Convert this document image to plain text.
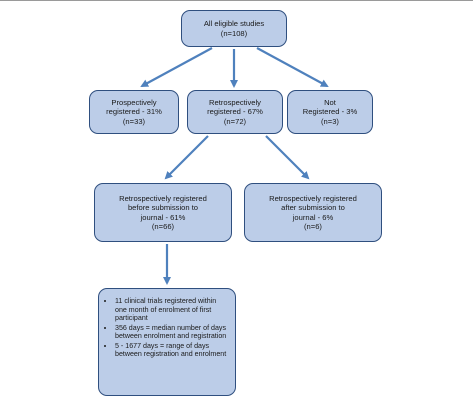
All eligible studies
(n=108)
Prospectively
registered - 31%
(n=33)
Retrospectively
registered - 67%
(n=72)
Not
Registered - 3%
(n=3)
Retrospectively registered
before submission to
journal - 61%
(n=66)
Retrospectively registered
after submission to
journal - 6%
(n=6)
• 11 clinical trials registered within one month of enrolment of first participant
• 356 days = median number of days between enrolment and registration
• 5 - 1677 days = range of days between registration and enrolment
